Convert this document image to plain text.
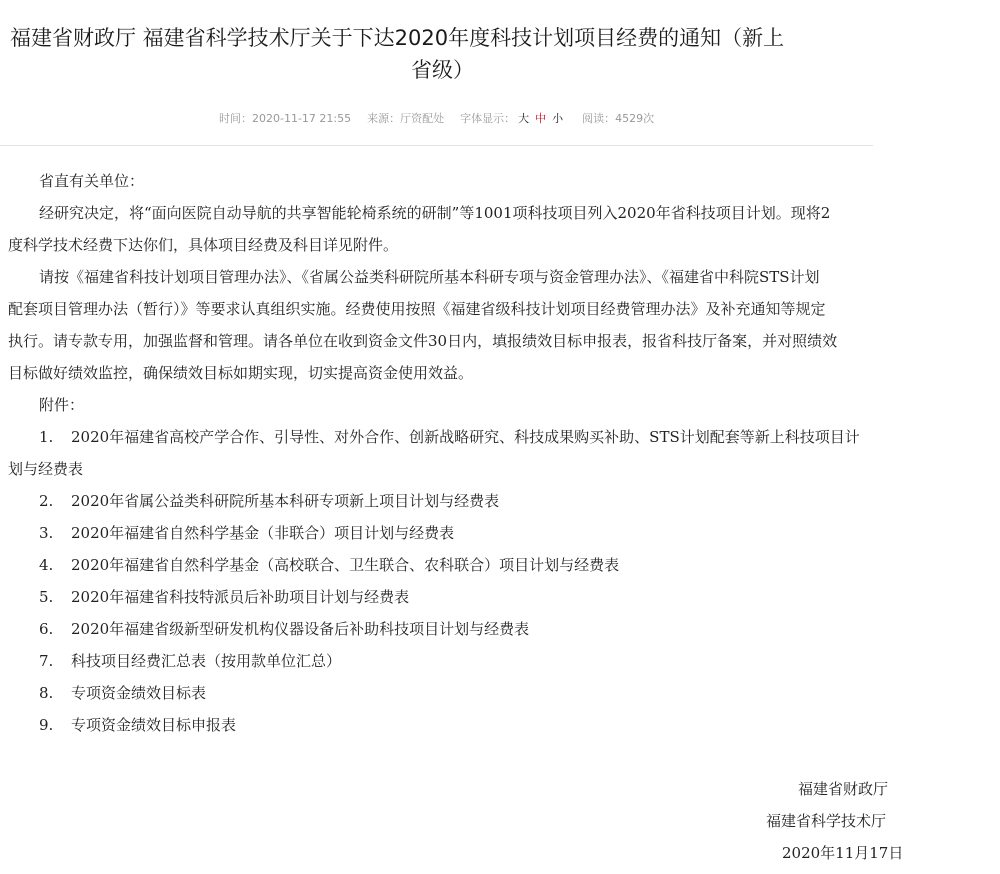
福建省财政厅 福建省科学技术厅关于下达2020年度科技计划项目经费的通知（新上
省级）
时间：2020-11-17 21:55 来源：厅资配处 字体显示： 大 中 小 阅读：4529次
省直有关单位：
经研究决定，将“面向医院自动导航的共享智能轮椅系统的研制”等1001项科技项目列入2020年省科技项目计划。现将2
度科学技术经费下达你们，具体项目经费及科目详见附件。
请按《福建省科技计划项目管理办法》、《省属公益类科研院所基本科研专项与资金管理办法》、《福建省中科院STS计划
配套项目管理办法（暂行）》等要求认真组织实施。经费使用按照《福建省级科技计划项目经费管理办法》及补充通知等规定
执行。请专款专用，加强监督和管理。请各单位在收到资金文件30日内，填报绩效目标申报表，报省科技厅备案，并对照绩效
目标做好绩效监控，确保绩效目标如期实现，切实提高资金使用效益。
附件：
1. 2020年福建省高校产学合作、引导性、对外合作、创新战略研究、科技成果购买补助、STS计划配套等新上科技项目计
划与经费表
2. 2020年省属公益类科研院所基本科研专项新上项目计划与经费表
3. 2020年福建省自然科学基金（非联合）项目计划与经费表
4. 2020年福建省自然科学基金（高校联合、卫生联合、农科联合）项目计划与经费表
5. 2020年福建省科技特派员后补助项目计划与经费表
6. 2020年福建省级新型研发机构仪器设备后补助科技项目计划与经费表
7. 科技项目经费汇总表（按用款单位汇总）
8. 专项资金绩效目标表
9. 专项资金绩效目标申报表
福建省财政厅
福建省科学技术厅
2020年11月17日
